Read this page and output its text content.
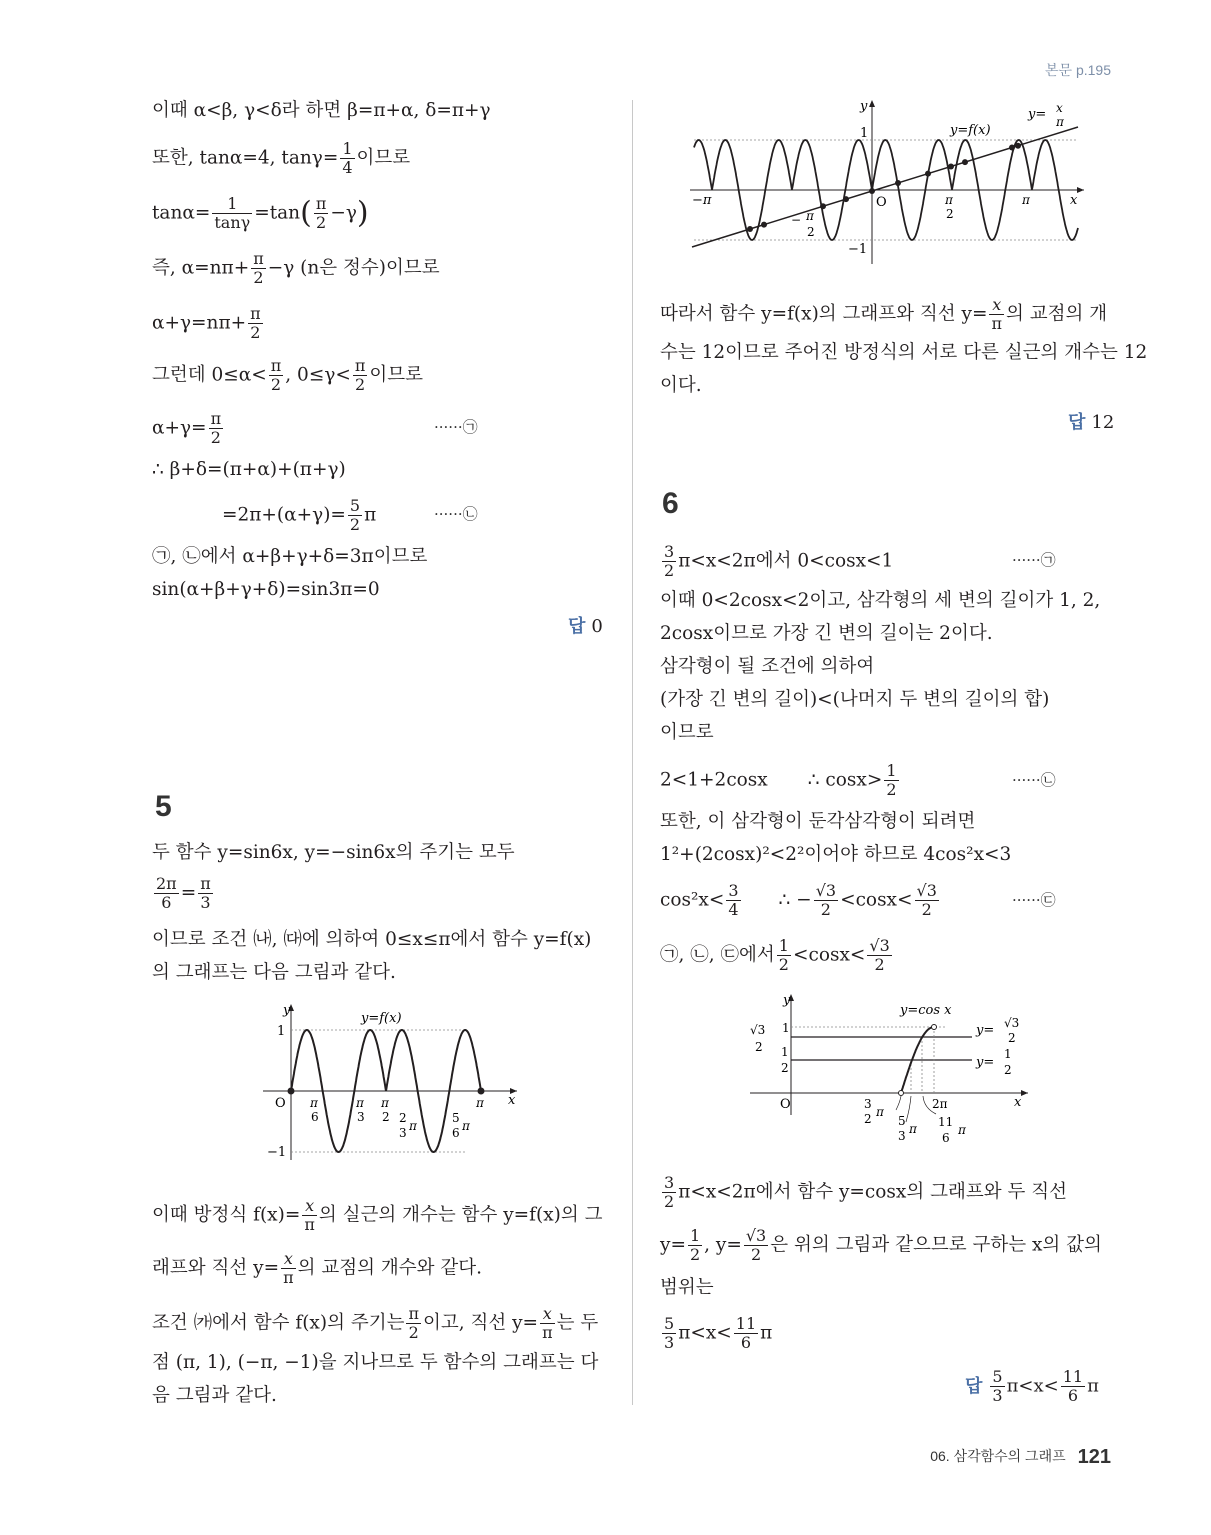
본문 p.195
이때 α<β, γ<δ라 하면 β=π+α, δ=π+γ
또한, tanα=4, $\tan\gamma= \frac{1}{4}$ 이므로
$\tan\alpha= \frac{1}{\tan\gamma} =\tan( \frac{\pi}{2} -\gamma)$
즉, $\alpha=n\pi+ \frac{\pi}{2} -\gamma$ (n은 정수)이므로
$\alpha+\gamma=n\pi+ \frac{\pi}{2}$
그런데 $0\le\alpha< \frac{\pi}{2}$ , $0\le\gamma< \frac{\pi}{2}$ 이므로
$\alpha+\gamma= \frac{\pi}{2}$	······㉠
∴ β+δ=(π+α)+(π+γ)
$=2\pi+(\alpha+\gamma)= \frac{5}{2}$ π	······㉡
㉠, ㉡에서 α+β+γ+δ=3π이므로
sin(α+β+γ+δ)=sin3π=0
답 0
5
두 함수 y=sin6x, y=−sin6x의 주기는 모두
$\frac{2\pi}{6} = \frac{\pi}{3}$
이므로 조건 ㈏, ㈐에 의하여 0≤x≤π에서 함수 y=f(x)
의 그래프는 다음 그림과 같다.
y
x
y=f(x)
1
−1
O π
6
π
3
π
2 2
3 π
5
6 π
π
이때 방정식 $f(x)= \frac{x}{\pi}$ 의 실근의 개수는 함수 y=f(x)의 그
래프와 직선 $y= \frac{x}{\pi}$ 의 교점의 개수와 같다.
조건 ㈎에서 함수 f(x)의 주기는 $\frac{\pi}{2}$ 이고, 직선 $y= \frac{x}{\pi}$ 는 두
점 (π, 1), (−π, −1)을 지나므로 두 함수의 그래프는 다
음 그림과 같다.
y
x
y=f(x)
y= x
π
1
−1
−π	O	π
2
π
− π
2
따라서 함수 y=f(x)의 그래프와 직선 $y= \frac{x}{\pi}$ 의 교점의 개
수는 12이므로 주어진 방정식의 서로 다른 실근의 개수는 12
이다.
답 12
6
$\frac{3}{2} \pi<x<2\pi$에서 0<cosx<1	······㉠
이때 0<2cosx<2이고, 삼각형의 세 변의 길이가 1, 2,
2cosx이므로 가장 긴 변의 길이는 2이다.
삼각형이 될 조건에 의하여
(가장 긴 변의 길이)<(나머지 두 변의 길이의 합)
이므로
2<1+2cosx ∴ $\cos x> \frac{1}{2}$	······㉡
또한, 이 삼각형이 둔각삼각형이 되려면
1²+(2cosx)²<2²이어야 하므로 4cos²x<3
$\cos^2x< \frac{3}{4}$ ∴ − $\frac{√3}{2} <\cos x< \frac{√3}{2}$	······㉢
㉠, ㉡, ㉢에서 $\frac{1}{2} <\cos x< \frac{√3}{2}$
y
x
y=cos x
1
√3
2 1
2
O
y= √3
2
y=
1
2
3
2 π
5
3 π
2π
11
6
π
$\frac{3}{2} \pi<x<2\pi$에서 함수 y=cosx의 그래프와 두 직선
$y= \frac{1}{2}$ , $y= \frac{√3}{2}$ 은 위의 그림과 같으므로 구하는 x의 값의
범위는
$\frac{5}{3} \pi<x< \frac{11}{6}$ π
답 $\frac{5}{3} \pi<x< \frac{11}{6}$ π
06. 삼각함수의 그래프 121
